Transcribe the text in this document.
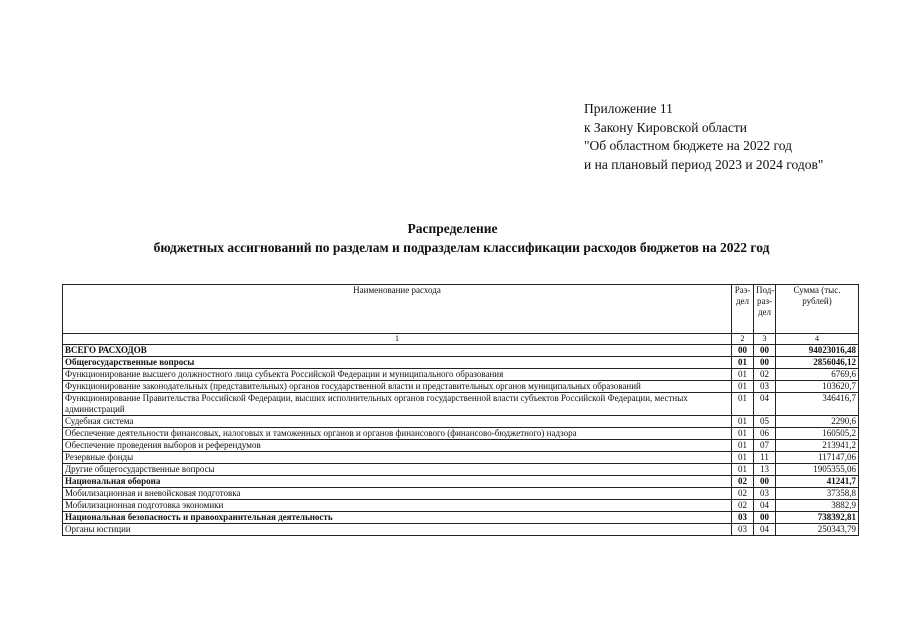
Приложение 11
к Закону Кировской области
"Об областном бюджете на 2022 год
и на плановый период 2023 и 2024 годов"
Распределение
бюджетных ассигнований по разделам и подразделам классификации расходов бюджетов на 2022 год
Наименование расхода	Раз-дел	Под-раз-дел	Сумма (тыс. рублей)
1	2	3	4
ВСЕГО РАСХОДОВ	00	00	94023016,48
Общегосударственные вопросы	01	00	2856046,12
Функционирование высшего должностного лица субъекта Российской Федерации и муниципального образования	01	02	6769,6
Функционирование законодательных (представительных) органов государственной власти и представительных органов муниципальных образований	01	03	103620,7
Функционирование Правительства Российской Федерации, высших исполнительных органов государственной власти субъектов Российской Федерации, местных администраций	01	04	346416,7
Судебная система	01	05	2290,6
Обеспечение деятельности финансовых, налоговых и таможенных органов и органов финансового (финансово-бюджетного) надзора	01	06	160505,2
Обеспечение проведения выборов и референдумов	01	07	213941,2
Резервные фонды	01	11	117147,06
Другие общегосударственные вопросы	01	13	1905355,06
Национальная оборона	02	00	41241,7
Мобилизационная и вневойсковая подготовка	02	03	37358,8
Мобилизационная подготовка экономики	02	04	3882,9
Национальная безопасность и правоохранительная деятельность	03	00	738392,81
Органы юстиции	03	04	250343,79
